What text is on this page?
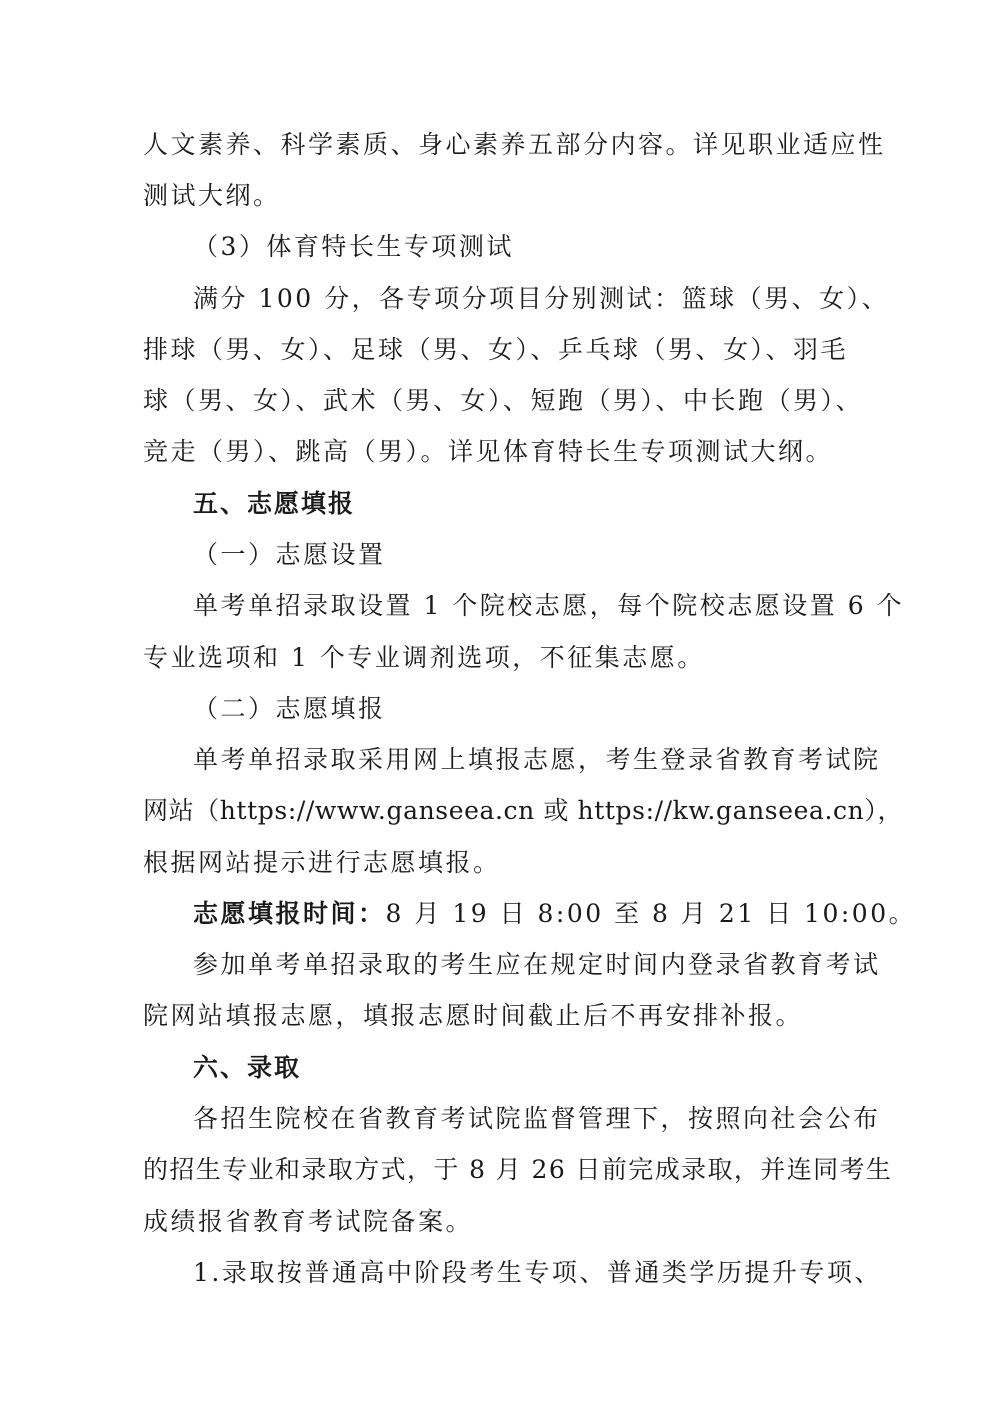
人文素养、科学素质、身心素养五部分内容。详见职业适应性
测试大纲。
（3）体育特长生专项测试
满分 100 分，各专项分项目分别测试：篮球（男、女）、
排球（男、女）、足球（男、女）、乒乓球（男、女）、羽毛
球（男、女）、武术（男、女）、短跑（男）、中长跑（男）、
竞走（男）、跳高（男）。详见体育特长生专项测试大纲。
五、志愿填报
（一）志愿设置
单考单招录取设置 1 个院校志愿，每个院校志愿设置 6 个
专业选项和 1 个专业调剂选项，不征集志愿。
（二）志愿填报
单考单招录取采用网上填报志愿，考生登录省教育考试院
网站（https://www.ganseea.cn 或 https://kw.ganseea.cn），
根据网站提示进行志愿填报。
志愿填报时间：8 月 19 日 8:00 至 8 月 21 日 10:00。
参加单考单招录取的考生应在规定时间内登录省教育考试
院网站填报志愿，填报志愿时间截止后不再安排补报。
六、录取
各招生院校在省教育考试院监督管理下，按照向社会公布
的招生专业和录取方式，于 8 月 26 日前完成录取，并连同考生
成绩报省教育考试院备案。
1.录取按普通高中阶段考生专项、普通类学历提升专项、
